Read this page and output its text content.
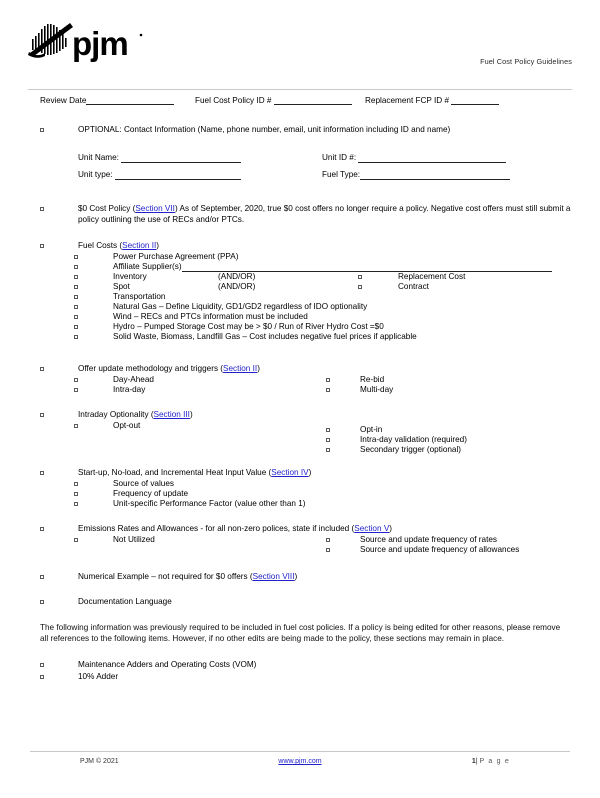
pjm	Fuel Cost Policy Guidelines
Review Date	Fuel Cost Policy ID #	Replacement FCP ID #
OPTIONAL: Contact Information (Name, phone number, email, unit information including ID and name)
Unit Name:	Unit ID #:
Unit type:	Fuel Type:
$0 Cost Policy (Section VII) As of September, 2020, true $0 cost offers no longer require a policy. Negative cost offers must still submit a policy outlining the use of RECs and/or PTCs.
Fuel Costs (Section II)
Power Purchase Agreement (PPA)
Affiliate Supplier(s)
Inventory	(AND/OR)	Replacement Cost
Spot	(AND/OR)	Contract
Transportation
Natural Gas – Define Liquidity, GD1/GD2 regardless of IDO optionality
Wind – RECs and PTCs information must be included
Hydro – Pumped Storage Cost may be > $0 / Run of River Hydro Cost =$0
Solid Waste, Biomass, Landfill Gas – Cost includes negative fuel prices if applicable
Offer update methodology and triggers (Section II)
Day-Ahead	Re-bid
Intra-day	Multi-day
Intraday Optionality (Section III)
Opt-out	Opt-in
Intra-day validation (required)
Secondary trigger (optional)
Start-up, No-load, and Incremental Heat Input Value (Section IV)
Source of values
Frequency of update
Unit-specific Performance Factor (value other than 1)
Emissions Rates and Allowances - for all non-zero polices, state if included (Section V)
Not Utilized	Source and update frequency of rates
Source and update frequency of allowances
Numerical Example – not required for $0 offers (Section VIII)
Documentation Language
The following information was previously required to be included in fuel cost policies. If a policy is being edited for other reasons, please remove all references to the following items. However, if no other edits are being made to the policy, these sections may remain in place.
Maintenance Adders and Operating Costs (VOM)
10% Adder
PJM © 2021	www.pjm.com	1| P a g e
